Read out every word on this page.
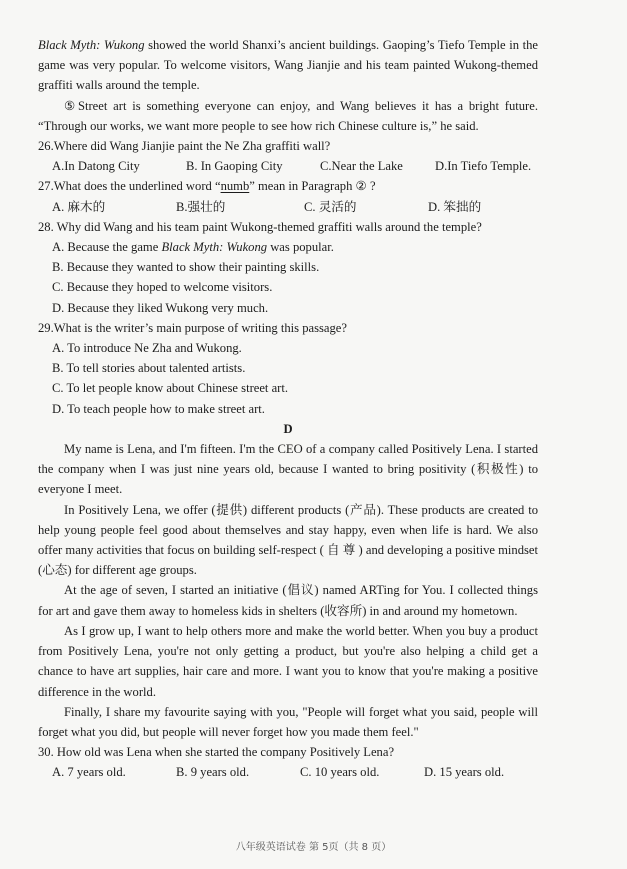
Black Myth: Wukong showed the world Shanxi’s ancient buildings. Gaoping’s Tiefo Temple in the game was very popular. To welcome visitors, Wang Jianjie and his team painted Wukong-themed graffiti walls around the temple.

⑤Street art is something everyone can enjoy, and Wang believes it has a bright future. “Through our works, we want more people to see how rich Chinese culture is,” he said.

26.Where did Wang Jianjie paint the Ne Zha graffiti wall?

A.In Datong City	B. In Gaoping City	C.Near the Lake	D.In Tiefo Temple.

27.What does the underlined word “numb” mean in Paragraph ② ?

A. 麻木的	B.强壮的	C. 灵活的	D. 笨拙的

28. Why did Wang and his team paint Wukong-themed graffiti walls around the temple?

A. Because the game Black Myth: Wukong was popular.

B. Because they wanted to show their painting skills.

C. Because they hoped to welcome visitors.

D. Because they liked Wukong very much.

29.What is the writer’s main purpose of writing this passage?

A. To introduce Ne Zha and Wukong.

B. To tell stories about talented artists.

C. To let people know about Chinese street art.

D. To teach people how to make street art.

D

My name is Lena, and I'm fifteen. I'm the CEO of a company called Positively Lena. I started the company when I was just nine years old, because I wanted to bring positivity (积极性) to everyone I meet.

In Positively Lena, we offer (提供) different products (产品). These products are created to help young people feel good about themselves and stay happy, even when life is hard. We also offer many activities that focus on building self-respect ( 自 尊 ) and developing a positive mindset (心态) for different age groups.

At the age of seven, I started an initiative (倡议) named ARTing for You. I collected things for art and gave them away to homeless kids in shelters (收容所) in and around my hometown.

As I grow up, I want to help others more and make the world better. When you buy a product from Positively Lena, you're not only getting a product, but you're also helping a child get a chance to have art supplies, hair care and more. I want you to know that you're making a positive difference in the world.

Finally, I share my favourite saying with you, "People will forget what you said, people will forget what you did, but people will never forget how you made them feel."

30. How old was Lena when she started the company Positively Lena?

A. 7 years old.	B. 9 years old.	C. 10 years old.	D. 15 years old.
八年级英语试卷 第 5页（共 8 页）
